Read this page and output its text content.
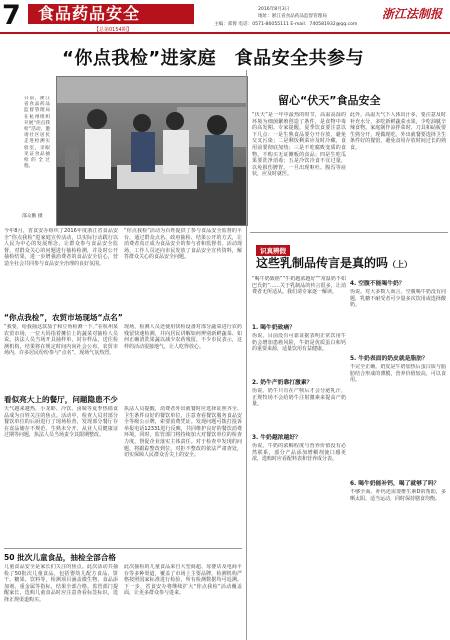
7	食品药品安全
【总第0154期】
2016年8月3日
地址：浙江省食品药品监督管理局
主编：郑蓉 电话：0571-86055111 E-mail：740581932@qq.com
浙江法制报
“你点我检”进家庭　食品安全共参与
日前，浙江省食品药品监督管理局在杭州组织开展“你点我检”活动，邀请社区居民走进检测实验室，亲眼见证食品抽检的全过程。
邵众勤 摄
今年8月，省食安办组织了2016年度浙江省食品安全“你点我检”进家庭宣传活动，以实际行动践行以人民为中心的发展理念，让群众参与食品安全监督，对群众关心的问题进行抽检检测，并及时公开抽检结果，进一步增强消费者的食品安全信心，营造全社会共同参与食品安全治理的良好氛围。
“你点我检”活动为百姓提供了参与食品安全监督的平台，通过群众点名、政府抽检、结果公开的方式，让消费者真正成为食品安全的参与者和监督者。活动现场，工作人员还向市民发放了食品安全宣传资料，解答群众关心的食品安全问题。
“你点我检”，农贸市场现场“点名”
“我要，给我抽这款茄子和豆角检测一下。”在杭州某农贸市场，一位大妈指着摊位上的蔬菜对抽检人员说。执法人员当场开具抽样单，封存样品，送往检测机构，结果将在规定时间内向社会公布。农贸市场内，许多居民纷纷参与“点名”，现场气氛热烈。
现场，检测人员还使用快检设备对部分蔬菜进行农药残留快速检测，并向居民讲解如何辨别新鲜蔬菜、如何正确清洗果蔬以减少农药残留。不少市民表示，这样的活动很接地气，让人吃得放心。
看似亮大上的餐厅，问题隐患不少
天气越来越热，小龙虾、冷饮、卤味等夏季热销食品成为百姓关注的焦点。活动中，检查人员对部分餐饮单位的后厨进行了现场检查，发现部分餐厅存在食品储存不规范、生熟未分开、从业人员健康证过期等问题，执法人员当场责令其限期整改。
执法人员提醒，消费者外出就餐时应选择证照齐全、卫生条件良好的餐饮单位，注意查看餐饮服务食品安全等级公示牌，索要消费凭证。发现问题可拨打投诉举报电话12331进行反映，共同维护良好的餐饮消费环境。同时，监管部门将持续加大对餐饮单位的检查力度，督促企业落实主体责任。对于检查中发现的问题，将跟踪整改到位，对拒不整改的依法严肃查处，切实保障人民群众舌尖上的安全。
50 批次儿童食品，抽检全部合格
儿童食品安全是家长们关注的焦点。此次活动共抽检了50批次儿童食品，包括婴幼儿配方食品、饼干、糖果、饮料等，检测项目涵盖微生物、食品添加剂、重金属等指标，结果全部合格。监管部门提醒家长，选购儿童食品时应注意查看标签标识，选择正规渠道购买。
此次抽检的儿童食品来自大型商超、母婴店及电商平台等多种渠道，覆盖了市场上主要品牌。检测机构严格按照国家标准进行检验，所有检测数据均可追溯。下一步，省食安办将继续扩大“你点我检”活动覆盖面，让更多群众参与进来。
留心“伏天”食品安全
“伏天”是一年中最热的时节，高温高湿的环境为细菌繁殖创造了条件，是食物中毒的高发期。专家提醒，夏季饮食要注意以下几点：一是生熟食品要分开存放，避免交叉污染；二是剩饭剩菜应及时冷藏，食用前要彻底加热；三是不吃腐败变质的食物，不购买无证摊贩的食品；四是生吃瓜果要洗净消毒；五是冷饮冷食不宜过量，以免损伤脾胃。一旦出现呕吐、腹泻等症状，应及时就医。
此外，高温天气下人体出汗多，要注意及时补充水分，多吃新鲜蔬菜水果，少吃油腻辛辣食物。家庭制作凉拌菜时，刀具和砧板要生熟分开，现做现吃。外出就餐要选择卫生条件好的餐馆，避免食用存放时间过长的熟食。
识真辨假
这些乳制品传言是真的吗（上）
“喝牛奶致癌”“牛奶越浓越好”“常温奶不如巴氏奶”……关于乳制品的传言很多，让消费者无所适从。我们请专家逐一解读。
1. 喝牛奶致癌？
伪说。目前没有可靠证据表明正常饮用牛奶会增加患癌风险，牛奶是优质蛋白和钙的重要来源，适量饮用有益健康。
2. 奶牛产奶靠打激素？
伪说。奶牛只有在产犊后才会分泌乳汁，正规牧场不会给奶牛注射激素来提高产奶量。
3. 牛奶越浓越好？
伪说。牛奶的浓稠程度与营养价值没有必然联系，部分产品添加增稠剂使口感更浓，选购时应看配料表和营养成分表。
4. 空腹不能喝牛奶？
伪说。对大多数人而言，空腹喝牛奶没有问题，乳糖不耐受者可少量多次饮用或选择酸奶。
5. 牛奶表面的奶皮就是脂肪？
不完全正确。奶皮是牛奶加热后蛋白质与脂肪结合形成的薄膜，营养价值较高，可以食用。
6. 喝牛奶能补钙，喝了就够了吗？
不够全面。补钙还需要维生素D的帮助，多晒太阳、适当运动，同时保持膳食均衡。
